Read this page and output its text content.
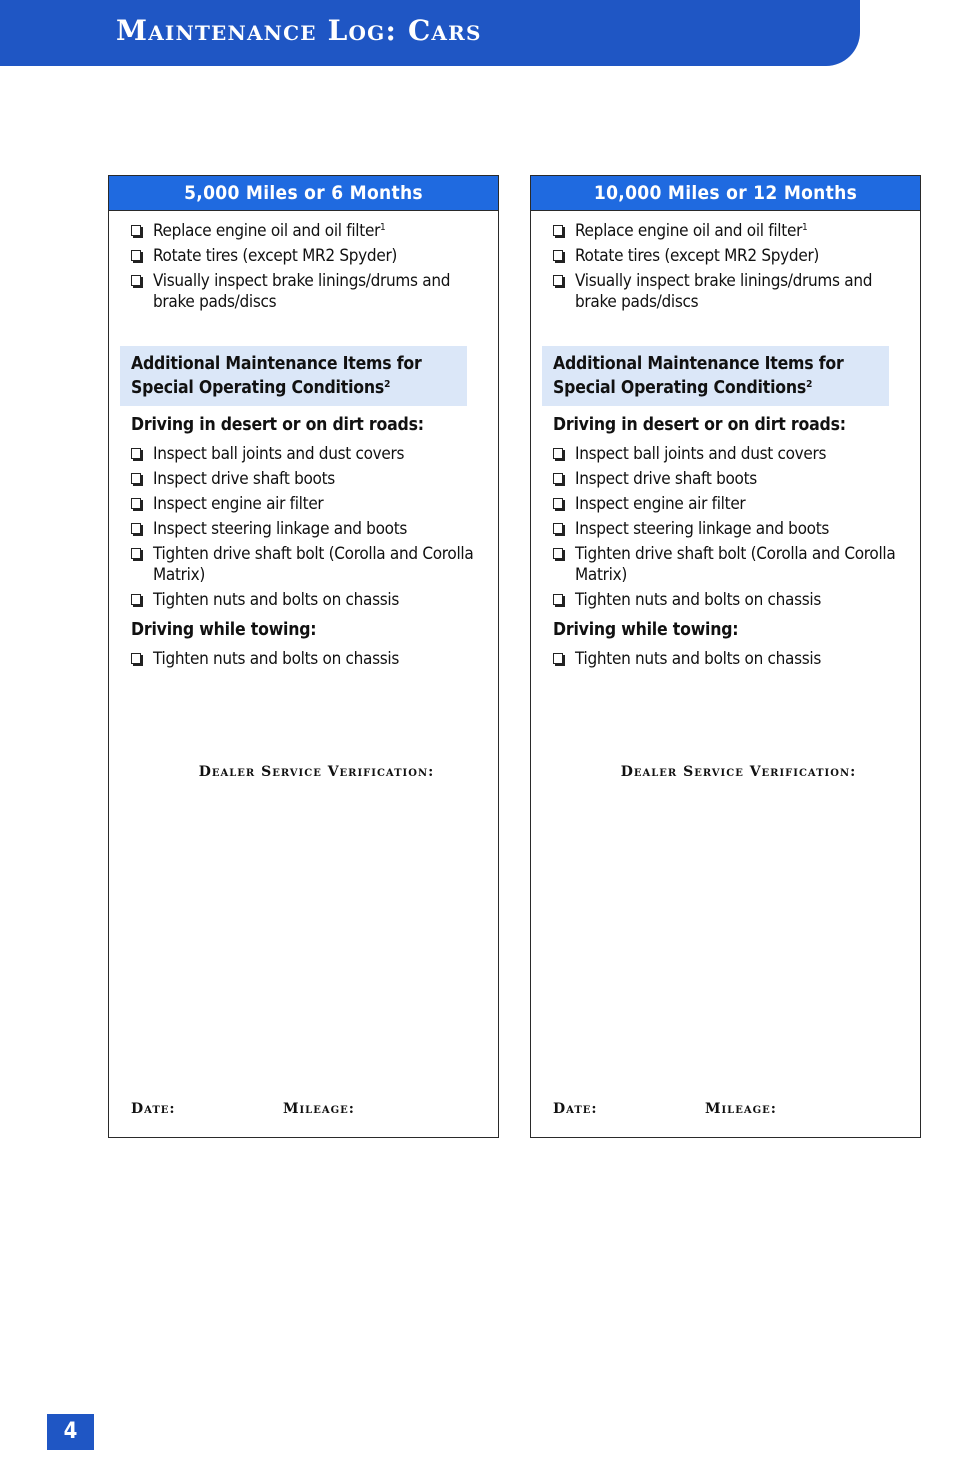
Maintenance Log: Cars
5,000 Miles or 6 Months
Replace engine oil and oil filter$^1$
Rotate tires (except MR2 Spyder)
Visually inspect brake linings/drums and brake pads/discs
Additional Maintenance Items for Special Operating Conditions$^2$
Driving in desert or on dirt roads:
Inspect ball joints and dust covers
Inspect drive shaft boots
Inspect engine air filter
Inspect steering linkage and boots
Tighten drive shaft bolt (Corolla and Corolla Matrix)
Tighten nuts and bolts on chassis
Driving while towing:
Tighten nuts and bolts on chassis
Dealer Service Verification:
Date:	Mileage:
10,000 Miles or 12 Months
Replace engine oil and oil filter$^1$
Rotate tires (except MR2 Spyder)
Visually inspect brake linings/drums and brake pads/discs
Additional Maintenance Items for Special Operating Conditions$^2$
Driving in desert or on dirt roads:
Inspect ball joints and dust covers
Inspect drive shaft boots
Inspect engine air filter
Inspect steering linkage and boots
Tighten drive shaft bolt (Corolla and Corolla Matrix)
Tighten nuts and bolts on chassis
Driving while towing:
Tighten nuts and bolts on chassis
Dealer Service Verification:
Date:	Mileage:
4
